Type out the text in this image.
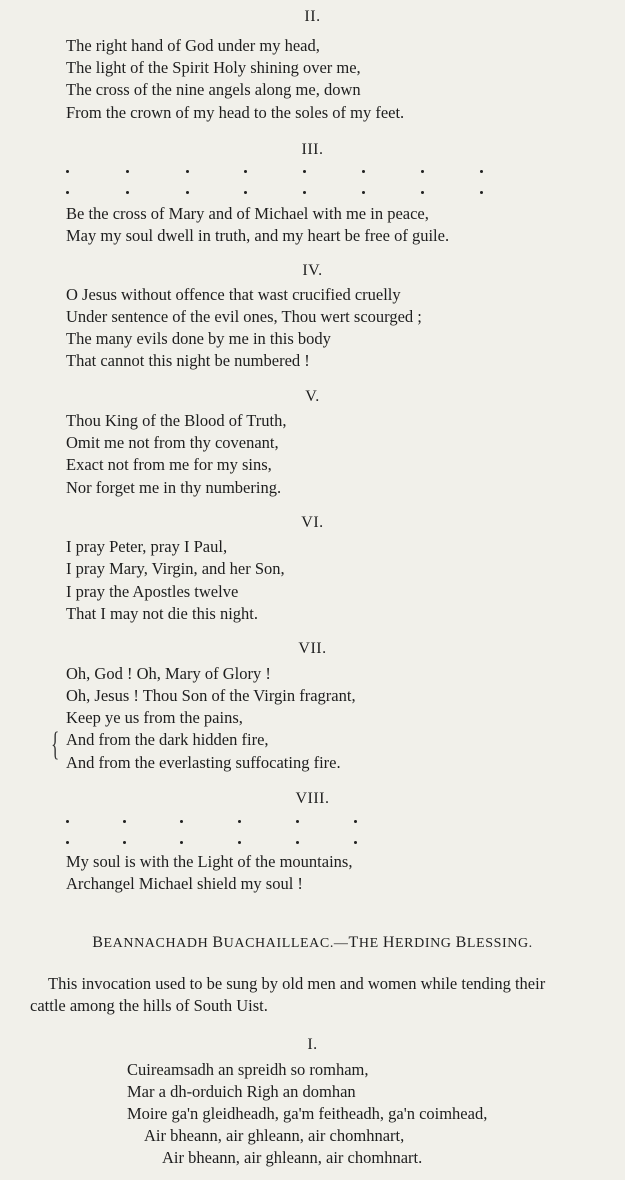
II.
The right hand of God under my head,
The light of the Spirit Holy shining over me,
The cross of the nine angels along me, down
From the crown of my head to the soles of my feet.
III.
Be the cross of Mary and of Michael with me in peace,
May my soul dwell in truth, and my heart be free of guile.
IV.
O Jesus without offence that wast crucified cruelly
Under sentence of the evil ones, Thou wert scourged ;
The many evils done by me in this body
That cannot this night be numbered !
V.
Thou King of the Blood of Truth,
Omit me not from thy covenant,
Exact not from me for my sins,
Nor forget me in thy numbering.
VI.
I pray Peter, pray I Paul,
I pray Mary, Virgin, and her Son,
I pray the Apostles twelve
That I may not die this night.
VII.
Oh, God ! Oh, Mary of Glory !
Oh, Jesus ! Thou Son of the Virgin fragrant,
Keep ye us from the pains,
{ And from the dark hidden fire,
And from the everlasting suffocating fire.
VIII.
My soul is with the Light of the mountains,
Archangel Michael shield my soul !
BEANNACHADH BUACHAILLEAC.—THE HERDING BLESSING.
This invocation used to be sung by old men and women while tending their
cattle among the hills of South Uist.
I.
Cuireamsadh an spreidh so romham,
Mar a dh-orduich Righ an domhan
Moire ga'n gleidheadh, ga'm feitheadh, ga'n coimhead,
Air bheann, air ghleann, air chomhnart,
Air bheann, air ghleann, air chomhnart.
